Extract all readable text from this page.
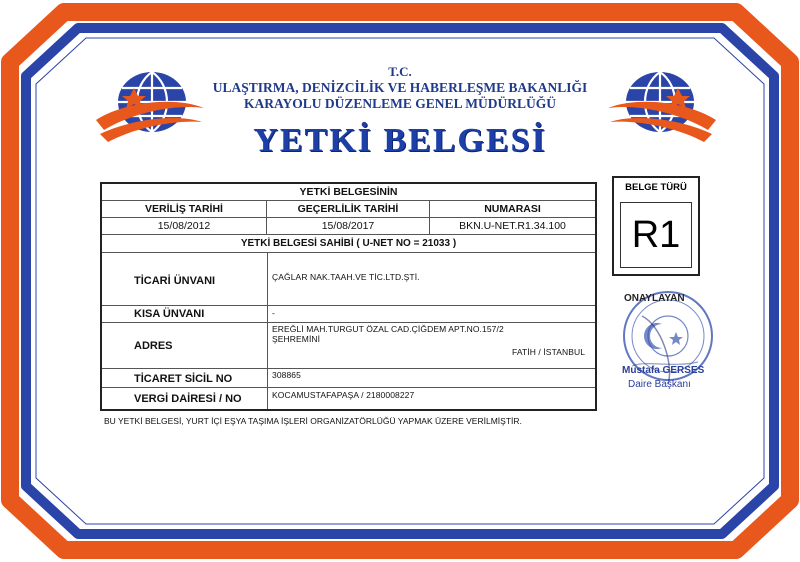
T.C.
ULAŞTIRMA, DENİZCİLİK VE HABERLEŞME BAKANLIĞI
KARAYOLU DÜZENLEME GENEL MÜDÜRLÜĞÜ
YETKİ BELGESİ
YETKİ BELGESİNİN
VERİLİŞ TARİHİ	GEÇERLİLİK TARİHİ	NUMARASI
15/08/2012	15/08/2017	BKN.U-NET.R1.34.100
YETKİ BELGESİ SAHİBİ ( U-NET NO = 21033 )
TİCARİ ÜNVANI	ÇAĞLAR NAK.TAAH.VE TİC.LTD.ŞTİ.
KISA ÜNVANI	-
ADRES
EREĞLİ MAH.TURGUT ÖZAL CAD.ÇİĞDEM APT.NO.157/2
ŞEHREMİNİ
FATİH / İSTANBUL
TİCARET SİCİL NO	308865
VERGİ DAİRESİ / NO	KOCAMUSTAFAPAŞA / 2180008227
BU YETKİ BELGESİ, YURT İÇİ EŞYA TAŞIMA İŞLERİ ORGANİZATÖRLÜĞÜ YAPMAK ÜZERE VERİLMİŞTİR.
BELGE TÜRÜ
R1
ONAYLAYAN
Mustafa GERSES
Daire Başkanı
